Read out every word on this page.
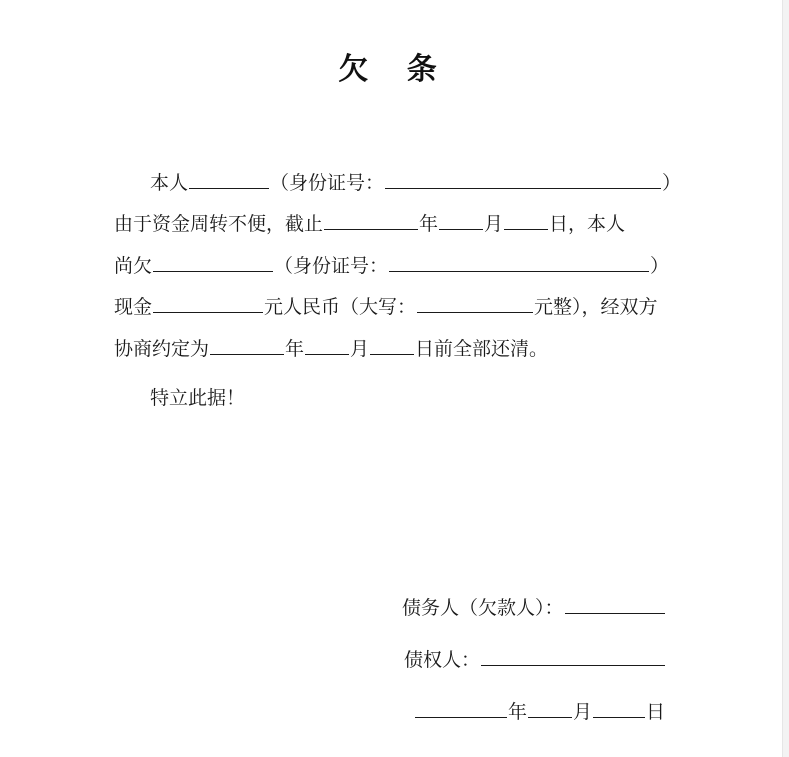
欠 条
本人	（身份证号：	）
由于资金周转不便，截止	年 月 日，本人
尚欠	（身份证号：	）
现金	元人民币（大写：	元整），经双方
协商约定为	年 月 日前全部还清。
特立此据！
债务人（欠款人）：
债权人：
年 月	日
